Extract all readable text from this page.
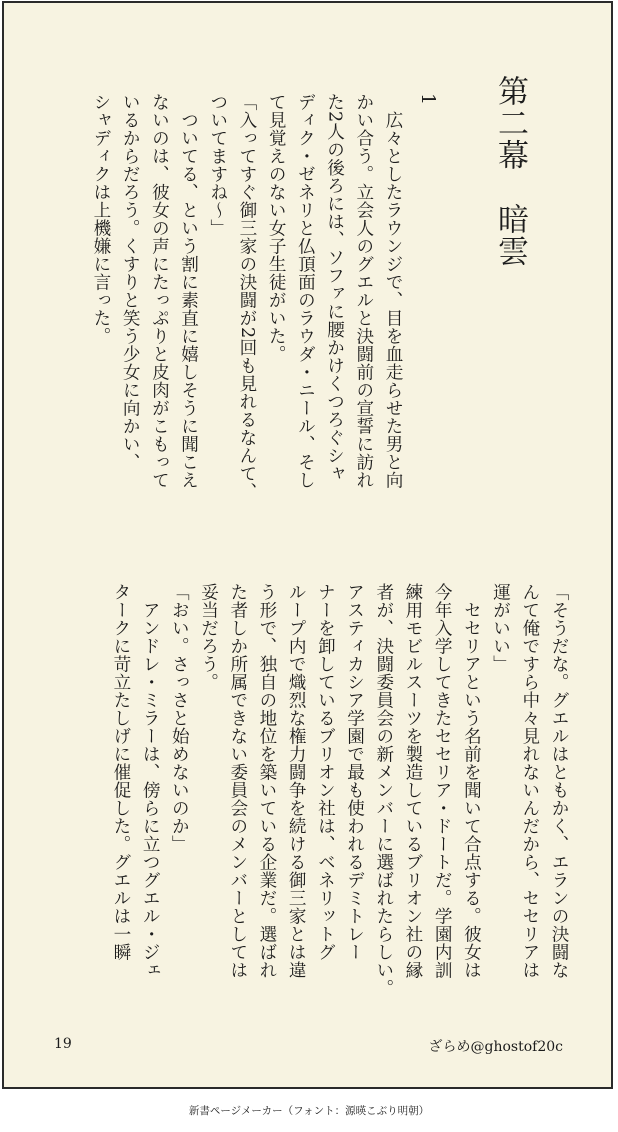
第二幕　暗雲
1
　広々としたラウンジで、目を血走らせた男と向
かい合う。立会人のグエルと決闘前の宣誓に訪れ
た2人の後ろには、ソファに腰かけくつろぐシャ
ディク・ゼネリと仏頂面のラウダ・ニール、そし
て見覚えのない女子生徒がいた。
「入ってすぐ御三家の決闘が2回も見れるなんて、
ついてますね～」
　ついてる、という割に素直に嬉しそうに聞こえ
ないのは、彼女の声にたっぷりと皮肉がこもって
いるからだろう。くすりと笑う少女に向かい、
シャディクは上機嫌に言った。
「そうだな。グエルはともかく、エランの決闘な
んて俺ですら中々見れないんだから、セセリアは
運がいい」
　セセリアという名前を聞いて合点する。彼女は
今年入学してきたセセリア・ドートだ。学園内訓
練用モビルスーツを製造しているブリオン社の縁
者が、決闘委員会の新メンバーに選ばれたらしい。
アスティカシア学園で最も使われるデミトレー
ナーを卸しているブリオン社は、ベネリットグ
ループ内で熾烈な権力闘争を続ける御三家とは違
う形で、独自の地位を築いている企業だ。選ばれ
た者しか所属できない委員会のメンバーとしては
妥当だろう。
「おい。さっさと始めないのか」
　アンドレ・ミラーは、傍らに立つグエル・ジェ
タークに苛立たしげに催促した。グエルは一瞬
19	ざらめ@ghostof20c
新書ページメーカー（フォント：源暎こぶり明朝）
